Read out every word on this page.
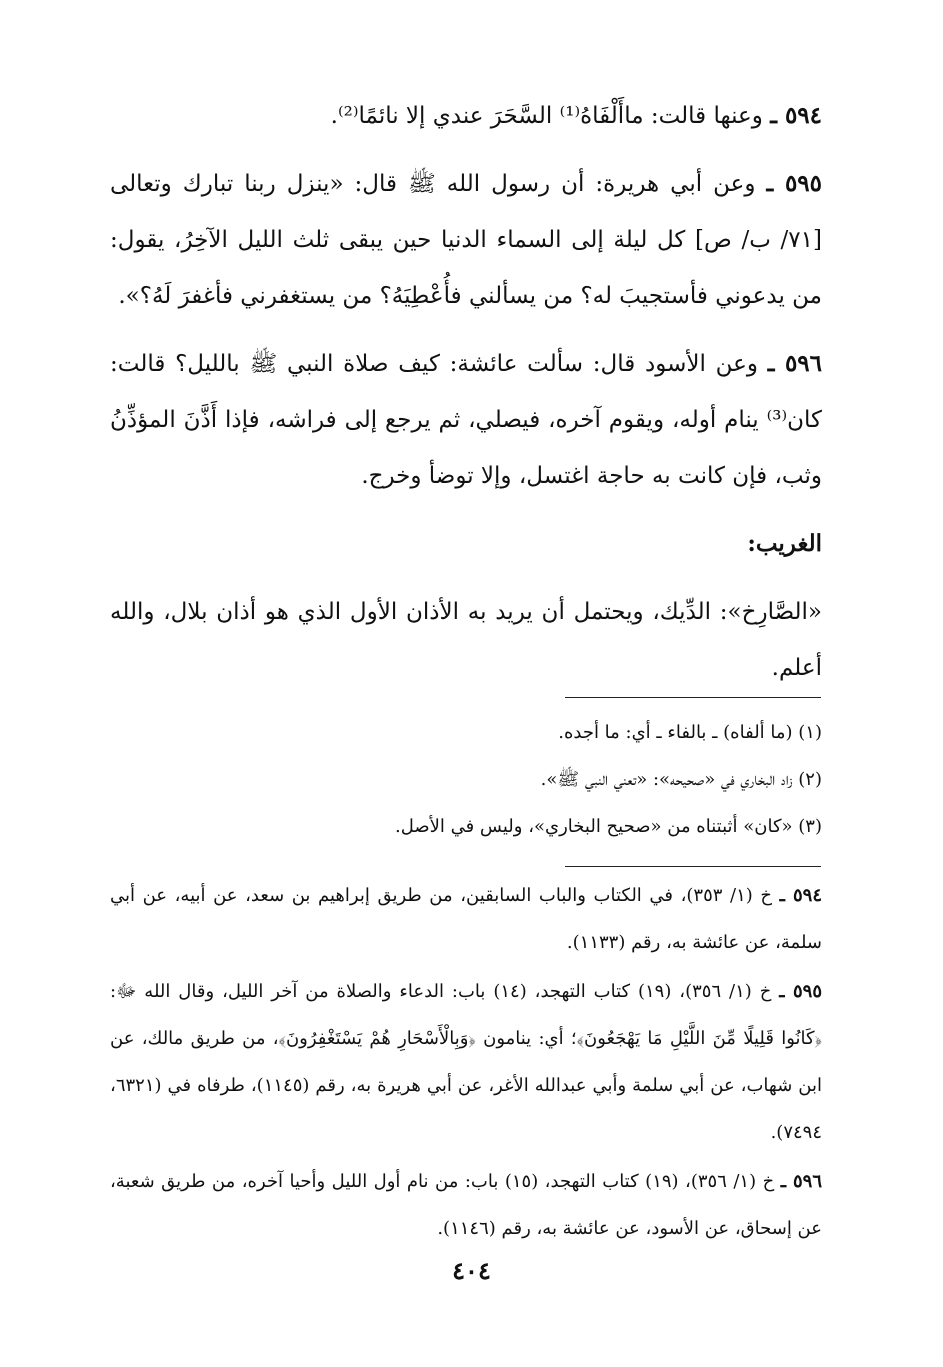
٥٩٤ ـ وعنها قالت: ماأَلْفَاهُ⁽¹⁾ السَّحَرَ عندي إلا نائمًا⁽²⁾.

٥٩٥ ـ وعن أبي هريرة: أن رسول الله ﷺ قال: «ينزل ربنا تبارك وتعالى [٧١/ ب/ ص] كل ليلة إلى السماء الدنيا حين يبقى ثلث الليل الآخِرُ، يقول: من يدعوني فأستجيبَ له؟ من يسألني فأُعْطِيَهُ؟ من يستغفرني فأغفرَ لَهُ؟».

٥٩٦ ـ وعن الأسود قال: سألت عائشة: كيف صلاة النبي ﷺ بالليل؟ قالت: كان⁽³⁾ ينام أوله، ويقوم آخره، فيصلي، ثم يرجع إلى فراشه، فإذا أَذَّنَ المؤذِّنُ وثب، فإن كانت به حاجة اغتسل، وإلا توضأ وخرج.

الغريب:

«الصَّارِخ»: الدِّيك، ويحتمل أن يريد به الأذان الأول الذي هو أذان بلال، والله أعلم.

(١) (ما ألفاه) ـ بالفاء ـ أي: ما أجده.

(٢) زاد البخاري في «صحيحه»: «تعني النبي ﷺ».

(٣) «كان» أثبتناه من «صحيح البخاري»، وليس في الأصل.

٥٩٤ ـ خ (١/ ٣٥٣)، في الكتاب والباب السابقين، من طريق إبراهيم بن سعد، عن أبيه، عن أبي سلمة، عن عائشة به، رقم (١١٣٣).

٥٩٥ ـ خ (١/ ٣٥٦)، (١٩) كتاب التهجد، (١٤) باب: الدعاء والصلاة من آخر الليل، وقال الله ﷻ: ﴿كَانُوا قَلِيلًا مِّنَ اللَّيْلِ مَا يَهْجَعُونَ﴾؛ أي: ينامون ﴿وَبِالْأَسْحَارِ هُمْ يَسْتَغْفِرُونَ﴾، من طريق مالك، عن ابن شهاب، عن أبي سلمة وأبي عبدالله الأغر، عن أبي هريرة به، رقم (١١٤٥)، طرفاه في (٦٣٢١، ٧٤٩٤).

٥٩٦ ـ خ (١/ ٣٥٦)، (١٩) كتاب التهجد، (١٥) باب: من نام أول الليل وأحيا آخره، من طريق شعبة، عن إسحاق، عن الأسود، عن عائشة به، رقم (١١٤٦).

٤٠٤
